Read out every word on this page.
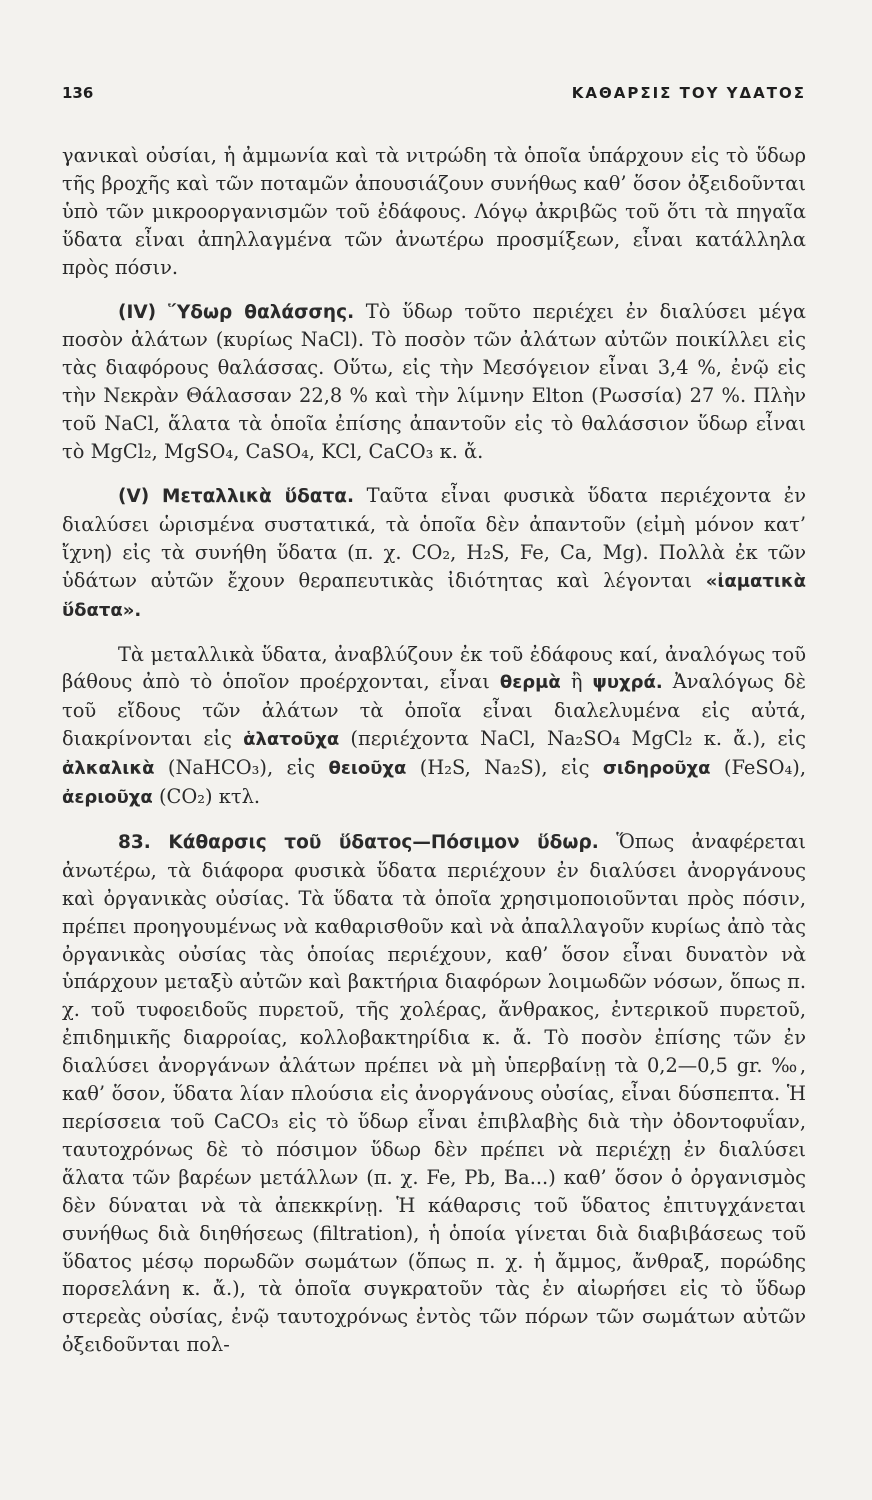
136	ΚΑΘΑΡΣΙΣ ΤΟΥ ΥΔΑΤΟΣ

γανικαὶ οὐσίαι, ἡ ἀμμωνία καὶ τὰ νιτρώδη τὰ ὁποῖα ὑπάρχουν εἰς τὸ ὕδωρ τῆς βροχῆς καὶ τῶν ποταμῶν ἀπουσιάζουν συνήθως καθ’ ὅσον ὀξειδοῦνται ὑπὸ τῶν μικροοργανισμῶν τοῦ ἐδάφους. Λόγῳ ἀκριβῶς τοῦ ὅτι τὰ πηγαῖα ὕδατα εἶναι ἀπηλλαγμένα τῶν ἀνωτέρω προσμίξεων, εἶναι κατάλληλα πρὸς πόσιν.

(IV) Ὕδωρ θαλάσσης. Τὸ ὕδωρ τοῦτο περιέχει ἐν διαλύσει μέγα ποσὸν ἀλάτων (κυρίως NaCl). Τὸ ποσὸν τῶν ἀλάτων αὐτῶν ποικίλλει εἰς τὰς διαφόρους θαλάσσας. Οὕτω, εἰς τὴν Μεσόγειον εἶναι 3,4 %, ἐνῷ εἰς τὴν Νεκρὰν Θάλασσαν 22,8 % καὶ τὴν λίμνην Elton (Ρωσσία) 27 %. Πλὴν τοῦ NaCl, ἅλατα τὰ ὁποῖα ἐπίσης ἀπαντοῦν εἰς τὸ θαλάσσιον ὕδωρ εἶναι τὸ MgCl₂, MgSO₄, CaSO₄, KCl, CaCO₃ κ. ἄ.

(V) Μεταλλικὰ ὕδατα. Ταῦτα εἶναι φυσικὰ ὕδατα περιέχοντα ἐν διαλύσει ὡρισμένα συστατικά, τὰ ὁποῖα δὲν ἀπαντοῦν (εἰμὴ μόνον κατ’ ἴχνη) εἰς τὰ συνήθη ὕδατα (π. χ. CO₂, H₂S, Fe, Ca, Mg). Πολλὰ ἐκ τῶν ὑδάτων αὐτῶν ἔχουν θεραπευτικὰς ἰδιότητας καὶ λέγονται «ἰαματικὰ ὕδατα».

Τὰ μεταλλικὰ ὕδατα, ἀναβλύζουν ἐκ τοῦ ἐδάφους καί, ἀναλόγως τοῦ βάθους ἀπὸ τὸ ὁποῖον προέρχονται, εἶναι θερμὰ ἢ ψυχρά. Ἀναλόγως δὲ τοῦ εἴδους τῶν ἀλάτων τὰ ὁποῖα εἶναι διαλελυμένα εἰς αὐτά, διακρίνονται εἰς ἁλατοῦχα (περιέχοντα NaCl, Na₂SO₄ MgCl₂ κ. ἄ.), εἰς ἀλκαλικὰ (NaHCO₃), εἰς θειοῦχα (H₂S, Na₂S), εἰς σιδηροῦχα (FeSO₄), ἀεριοῦχα (CO₂) κτλ.

83. Κάθαρσις τοῦ ὕδατος—Πόσιμον ὕδωρ. Ὅπως ἀναφέρεται ἀνωτέρω, τὰ διάφορα φυσικὰ ὕδατα περιέχουν ἐν διαλύσει ἀνοργάνους καὶ ὀργανικὰς οὐσίας. Τὰ ὕδατα τὰ ὁποῖα χρησιμοποιοῦνται πρὸς πόσιν, πρέπει προηγουμένως νὰ καθαρισθοῦν καὶ νὰ ἀπαλλαγοῦν κυρίως ἀπὸ τὰς ὀργανικὰς οὐσίας τὰς ὁποίας περιέχουν, καθ’ ὅσον εἶναι δυνατὸν νὰ ὑπάρχουν μεταξὺ αὐτῶν καὶ βακτήρια διαφόρων λοιμωδῶν νόσων, ὅπως π. χ. τοῦ τυφοειδοῦς πυρετοῦ, τῆς χολέρας, ἄνθρακος, ἐντερικοῦ πυρετοῦ, ἐπιδημικῆς διαρροίας, κολλοβακτηρίδια κ. ἄ. Τὸ ποσὸν ἐπίσης τῶν ἐν διαλύσει ἀνοργάνων ἀλάτων πρέπει νὰ μὴ ὑπερβαίνῃ τὰ 0,2—0,5 gr. ‰, καθ’ ὅσον, ὕδατα λίαν πλούσια εἰς ἀνοργάνους οὐσίας, εἶναι δύσπεπτα. Ἡ περίσσεια τοῦ CaCO₃ εἰς τὸ ὕδωρ εἶναι ἐπιβλαβὴς διὰ τὴν ὀδοντοφυΐαν, ταυτοχρόνως δὲ τὸ πόσιμον ὕδωρ δὲν πρέπει νὰ περιέχῃ ἐν διαλύσει ἅλατα τῶν βαρέων μετάλλων (π. χ. Fe, Pb, Ba...) καθ’ ὅσον ὁ ὀργανισμὸς δὲν δύναται νὰ τὰ ἀπεκκρίνῃ. Ἡ κάθαρσις τοῦ ὕδατος ἐπιτυγχάνεται συνήθως διὰ διηθήσεως (filtration), ἡ ὁποία γίνεται διὰ διαβιβάσεως τοῦ ὕδατος μέσῳ πορωδῶν σωμάτων (ὅπως π. χ. ἡ ἄμμος, ἄνθραξ, πορώδης πορσελάνη κ. ἄ.), τὰ ὁποῖα συγκρατοῦν τὰς ἐν αἰωρήσει εἰς τὸ ὕδωρ στερεὰς οὐσίας, ἐνῷ ταυτοχρόνως ἐντὸς τῶν πόρων τῶν σωμάτων αὐτῶν ὀξειδοῦνται πολ-
